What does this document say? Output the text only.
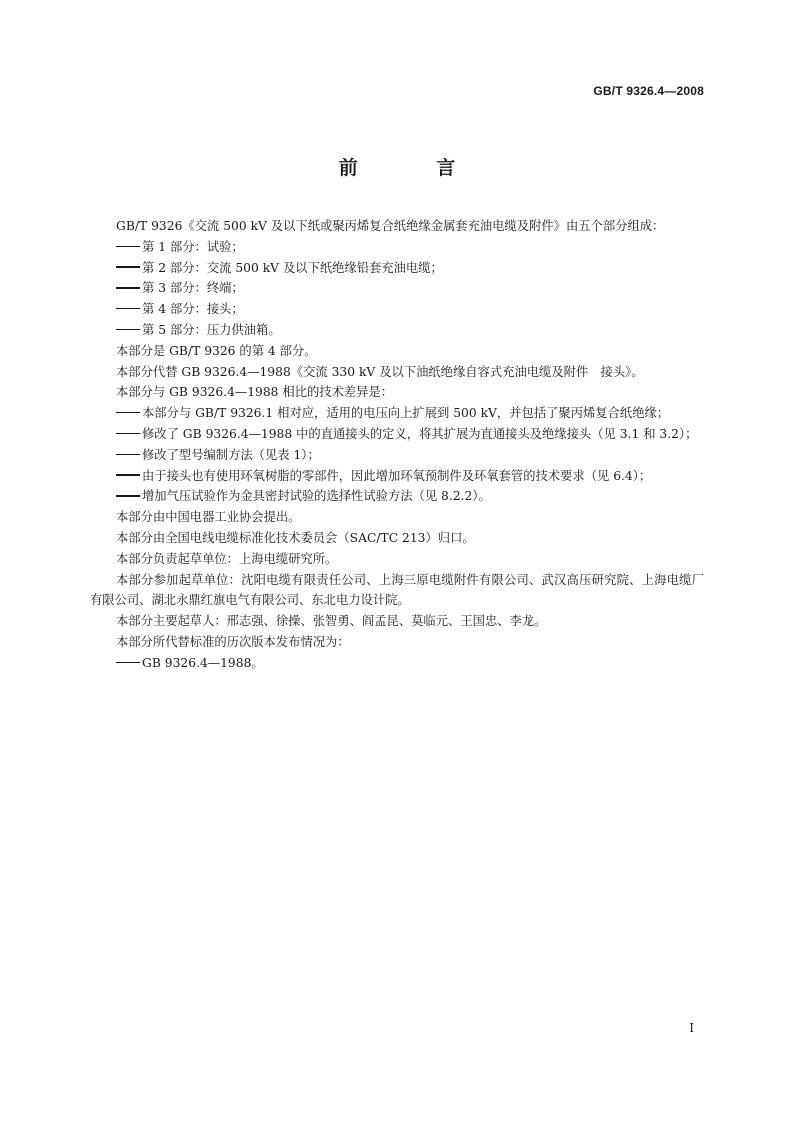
GB/T 9326.4—2008
前 言

GB/T 9326《交流 500 kV 及以下纸或聚丙烯复合纸绝缘金属套充油电缆及附件》由五个部分组成：

第 1 部分：试验；

第 2 部分：交流 500 kV 及以下纸绝缘铅套充油电缆；

第 3 部分：终端；

第 4 部分：接头；

第 5 部分：压力供油箱。

本部分是 GB/T 9326 的第 4 部分。

本部分代替 GB 9326.4—1988《交流 330 kV 及以下油纸绝缘自容式充油电缆及附件　接头》。

本部分与 GB 9326.4—1988 相比的技术差异是：

本部分与 GB/T 9326.1 相对应，适用的电压向上扩展到 500 kV，并包括了聚丙烯复合纸绝缘；

修改了 GB 9326.4—1988 中的直通接头的定义，将其扩展为直通接头及绝缘接头（见 3.1 和 3.2）；

修改了型号编制方法（见表 1）；

由于接头也有使用环氧树脂的零部件，因此增加环氧预制件及环氧套管的技术要求（见 6.4）；

增加气压试验作为金具密封试验的选择性试验方法（见 8.2.2）。

本部分由中国电器工业协会提出。

本部分由全国电线电缆标准化技术委员会（SAC/TC 213）归口。

本部分负责起草单位：上海电缆研究所。

本部分参加起草单位：沈阳电缆有限责任公司、上海三原电缆附件有限公司、武汉高压研究院、上海电缆厂有限公司、湖北永鼎红旗电气有限公司、东北电力设计院。

本部分主要起草人：邢志强、徐操、张智勇、阎孟昆、莫临元、王国忠、李龙。

本部分所代替标准的历次版本发布情况为：

GB 9326.4—1988。

I
